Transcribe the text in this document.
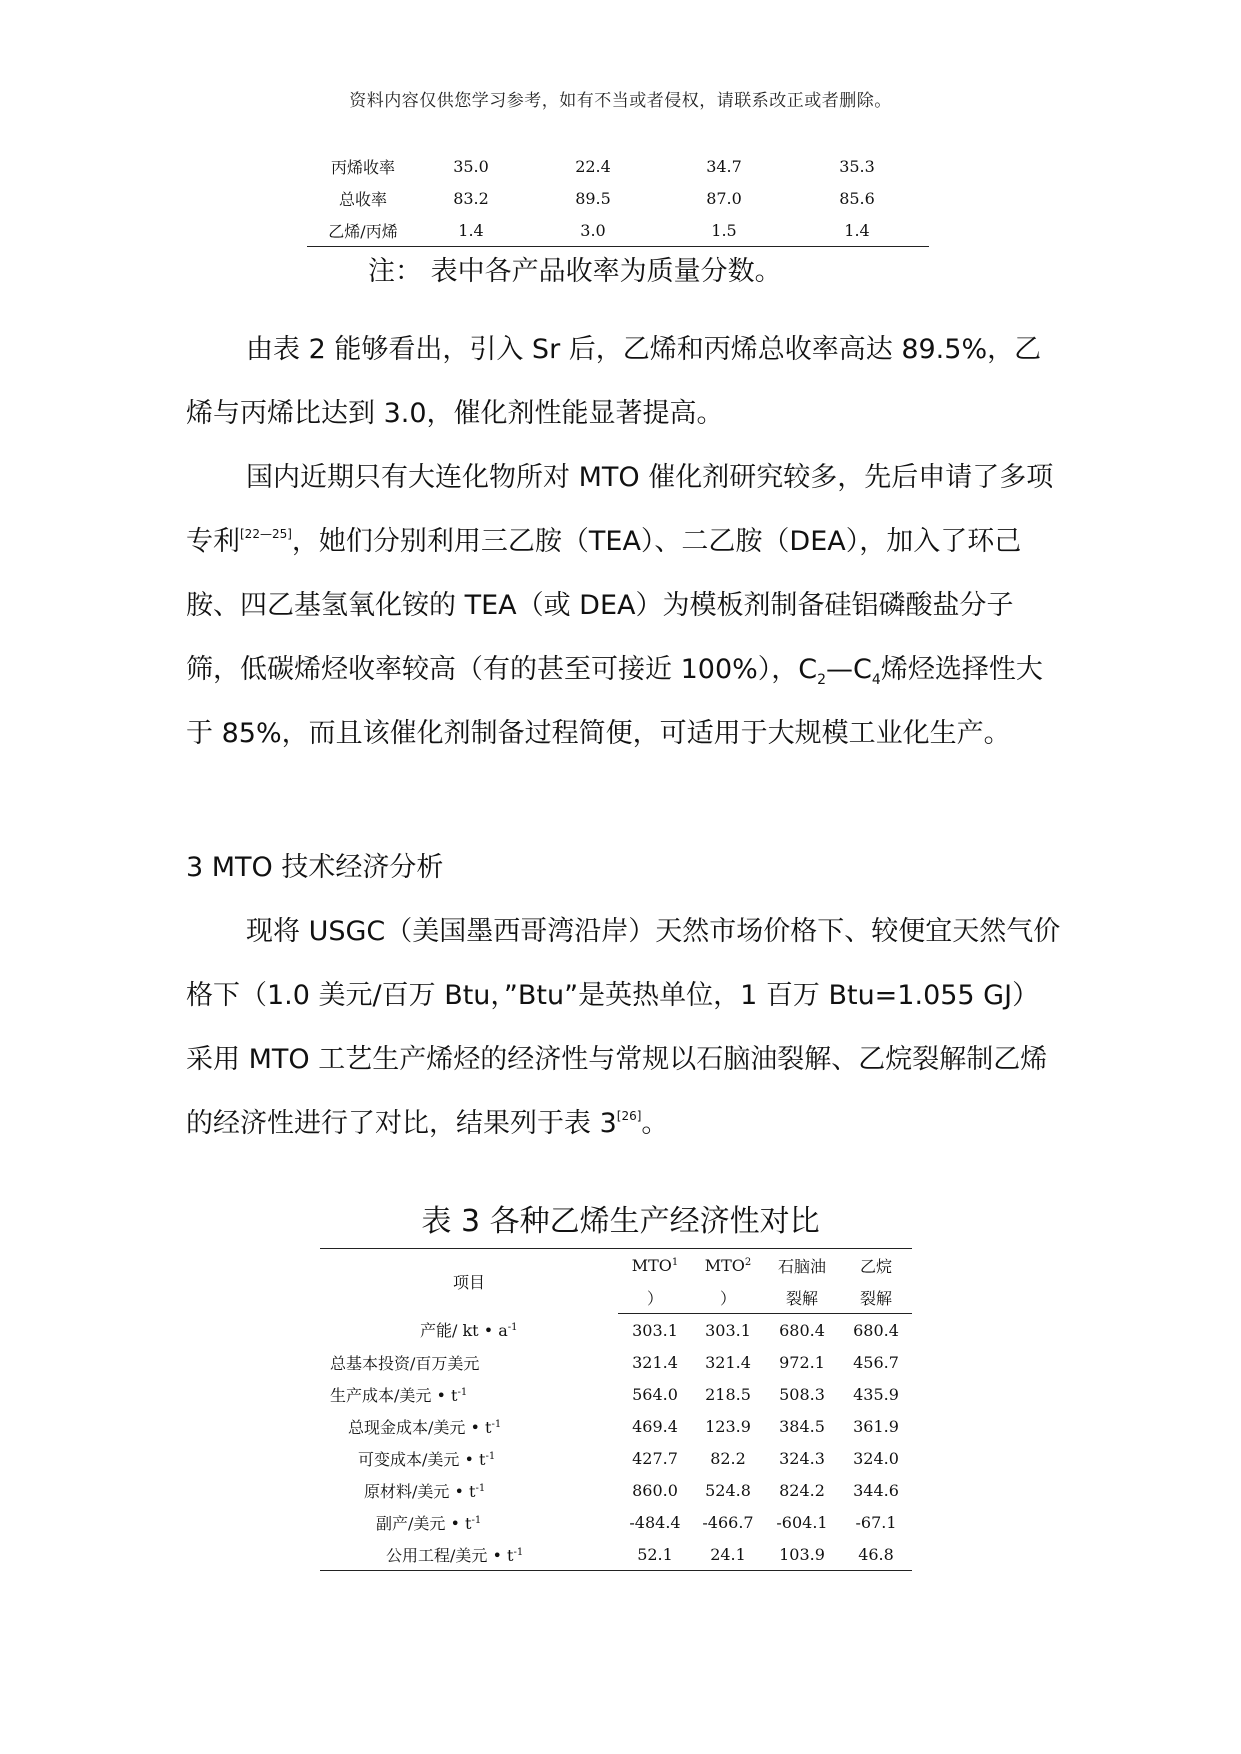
资料内容仅供您学习参考，如有不当或者侵权，请联系改正或者删除。
丙烯收率	35.0	22.4	34.7	35.3
总收率	83.2	89.5	87.0	85.6
乙烯/丙烯	1.4	3.0	1.5	1.4
注： 表中各产品收率为质量分数。
由表 2 能够看出，引入 Sr 后，乙烯和丙烯总收率高达 89.5%，乙烯与丙烯比达到 3.0，催化剂性能显著提高。
国内近期只有大连化物所对 MTO 催化剂研究较多，先后申请了多项专利[22—25]，她们分别利用三乙胺（TEA）、二乙胺（DEA），加入了环己胺、四乙基氢氧化铵的 TEA（或 DEA）为模板剂制备硅铝磷酸盐分子筛，低碳烯烃收率较高（有的甚至可接近 100%），$C_2—C_4$烯烃选择性大于 85%，而且该催化剂制备过程简便，可适用于大规模工业化生产。
3 MTO 技术经济分析
现将 USGC（美国墨西哥湾沿岸）天然市场价格下、较便宜天然气价格下（1.0 美元/百万 Btu，”Btu”是英热单位，1 百万 Btu=1.055 GJ）采用 MTO 工艺生产烯烃的经济性与常规以石脑油裂解、乙烷裂解制乙烯的经济性进行了对比，结果列于表 3[26]。
表 3 各种乙烯生产经济性对比
项目	MTO$^1$	MTO$^2$	石脑油	乙烷
	）	）	裂解	裂解
产能/ kt • $a^{-1}$	303.1	303.1	680.4	680.4
总基本投资/百万美元	321.4	321.4	972.1	456.7
生产成本/美元 • $t^{-1}$	564.0	218.5	508.3	435.9
总现金成本/美元 • $t^{-1}$	469.4	123.9	384.5	361.9
可变成本/美元 • $t^{-1}$	427.7	82.2	324.3	324.0
原材料/美元 • $t^{-1}$	860.0	524.8	824.2	344.6
副产/美元 • $t^{-1}$	-484.4	-466.7	-604.1	-67.1
公用工程/美元 • $t^{-1}$	52.1	24.1	103.9	46.8
